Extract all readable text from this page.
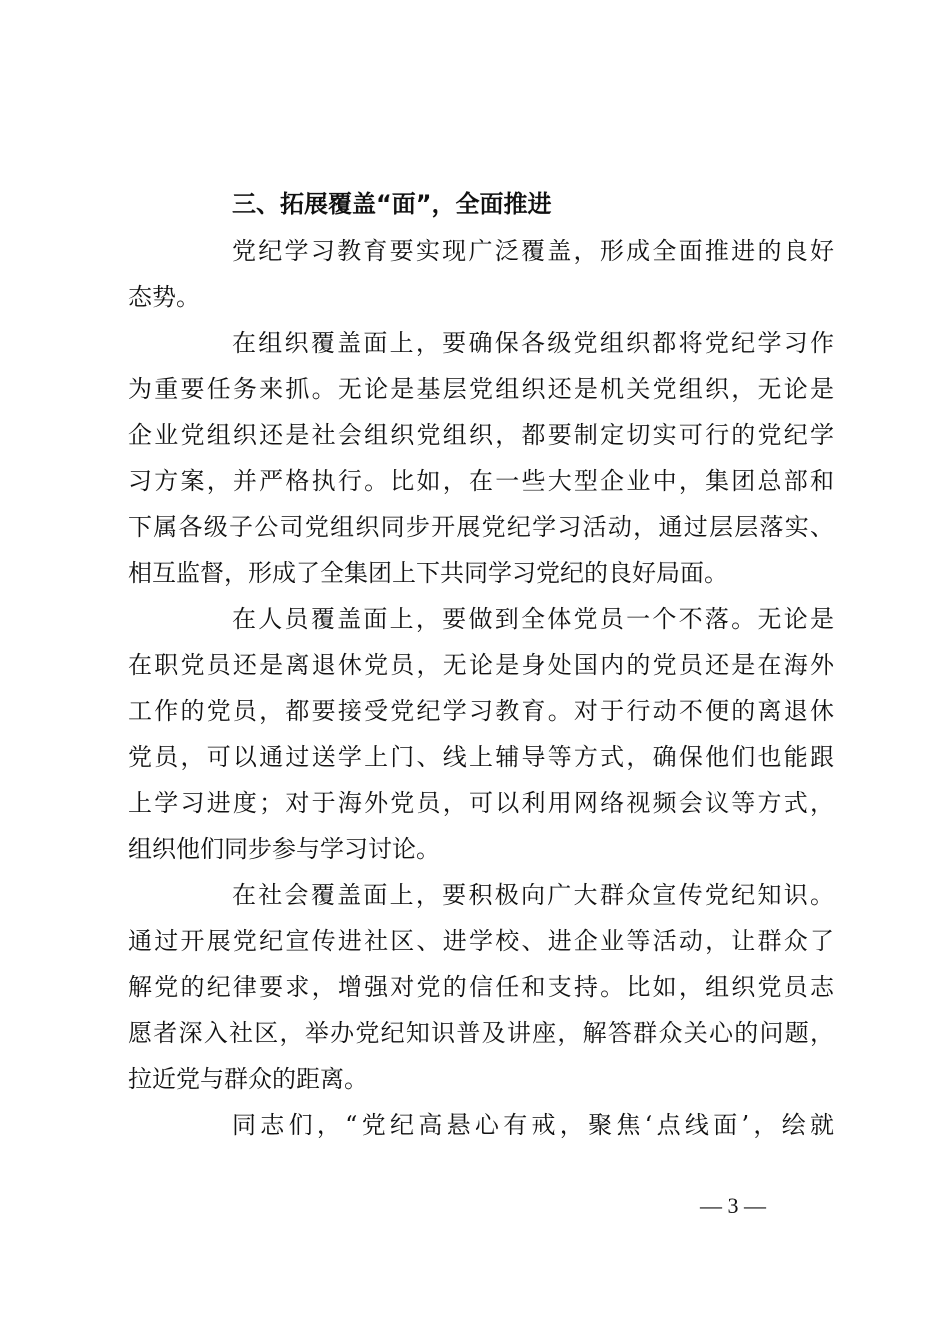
三、拓展覆盖“面”，全面推进
党纪学习教育要实现广泛覆盖，形成全面推进的良好
态势。
在组织覆盖面上，要确保各级党组织都将党纪学习作
为重要任务来抓。无论是基层党组织还是机关党组织，无论是
企业党组织还是社会组织党组织，都要制定切实可行的党纪学
习方案，并严格执行。比如，在一些大型企业中，集团总部和
下属各级子公司党组织同步开展党纪学习活动，通过层层落实、
相互监督，形成了全集团上下共同学习党纪的良好局面。
在人员覆盖面上，要做到全体党员一个不落。无论是
在职党员还是离退休党员，无论是身处国内的党员还是在海外
工作的党员，都要接受党纪学习教育。对于行动不便的离退休
党员，可以通过送学上门、线上辅导等方式，确保他们也能跟
上学习进度；对于海外党员，可以利用网络视频会议等方式，
组织他们同步参与学习讨论。
在社会覆盖面上，要积极向广大群众宣传党纪知识。
通过开展党纪宣传进社区、进学校、进企业等活动，让群众了
解党的纪律要求，增强对党的信任和支持。比如，组织党员志
愿者深入社区，举办党纪知识普及讲座，解答群众关心的问题，
拉近党与群众的距离。
同志们，“党纪高悬心有戒，聚焦‘点线面’，绘就
— 3 —
